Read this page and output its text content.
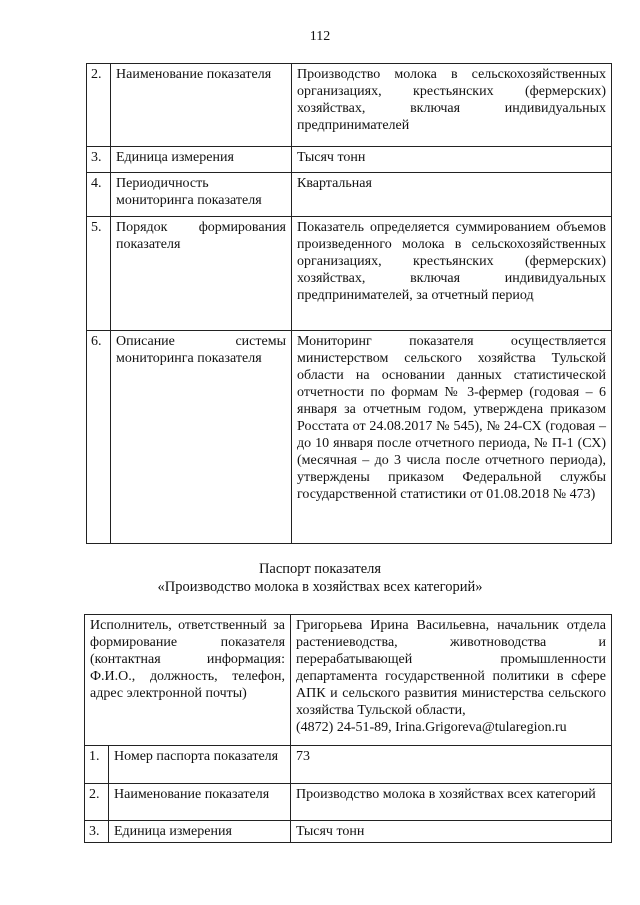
112
2.	Наименование показателя	Производство молока в сельскохозяйственных организациях, крестьянских (фермерских) хозяйствах, включая индивидуальных предпринимателей
3.	Единица измерения	Тысяч тонн
4.	Периодичность мониторинга показателя	Квартальная
5.	Порядок формирования показателя	Показатель определяется суммированием объемов произведенного молока в сельскохозяйственных организациях, крестьянских (фермерских) хозяйствах, включая индивидуальных предпринимателей, за отчетный период
6.	Описание системы мониторинга показателя	Мониторинг показателя осуществляется министерством сельского хозяйства Тульской области на основании данных статистической отчетности по формам № 3-фермер (годовая – 6 января за отчетным годом, утверждена приказом Росстата от 24.08.2017 № 545), № 24-СХ (годовая – до 10 января после отчетного периода, № П-1 (СХ) (месячная – до 3 числа после отчетного периода), утверждены приказом Федеральной службы государственной статистики от 01.08.2018 № 473)
Паспорт показателя
«Производство молока в хозяйствах всех категорий»
Исполнитель, ответственный за формирование показателя (контактная информация: Ф.И.О., должность, телефон, адрес электронной почты)		Григорьева Ирина Васильевна, начальник отдела растениеводства, животноводства и перерабатывающей промышленности департамента государственной политики в сфере АПК и сельского развития министерства сельского хозяйства Тульской области,
(4872) 24-51-89, Irina.Grigoreva@tularegion.ru
1.	Номер паспорта показателя	73
2.	Наименование показателя	Производство молока в хозяйствах всех категорий
3.	Единица измерения	Тысяч тонн
